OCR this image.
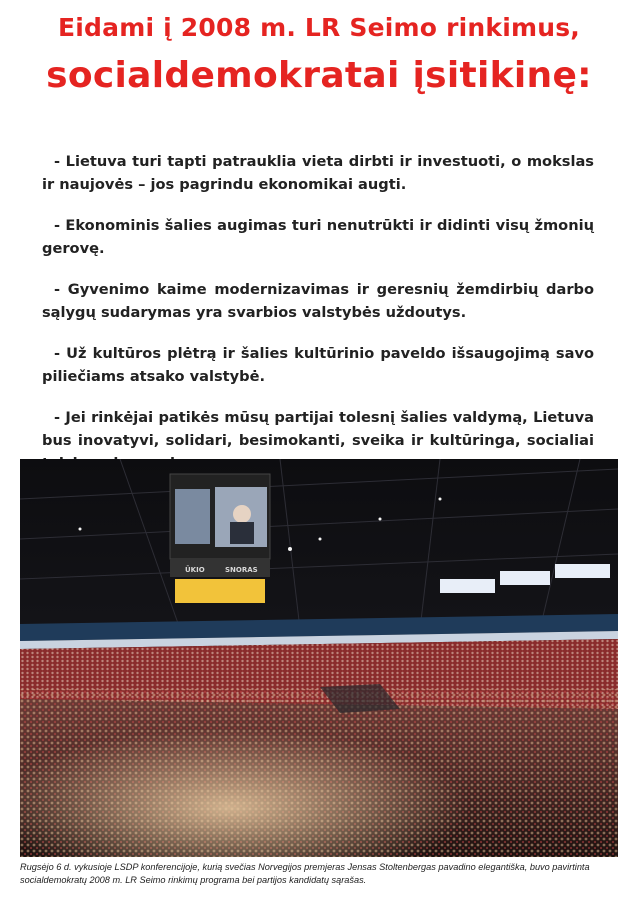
Eidami į 2008 m. LR Seimo rinkimus,
socialdemokratai įsitikinę:

- Lietuva turi tapti patrauklia vieta dirbti ir investuoti, o mokslas ir naujovės – jos pagrindu ekonomikai augti.

- Ekonominis šalies augimas turi nenutrūkti ir didinti visų žmonių gerovę.

- Gyvenimo kaime modernizavimas ir geresnių žemdirbių darbo sąlygų sudarymas yra svarbios valstybės uždoutys.

- Už kultūros plėtrą ir šalies kultūrinio paveldo išsaugojimą savo piliečiams atsako valstybė.

- Jei rinkėjai patikės mūsų partijai tolesnį šalies valdymą, Lietuva bus inovatyvi, solidari, besimokanti, sveika ir kultūringa, socialiai

ŪKIO	SNORAS
Rugsėjo 6 d. vykusioje LSDP konferencijoje, kurią svečias Norvegijos premjeras Jensas Stoltenbergas pavadino elegantiška, buvo pavirtinta socialdemokratų 2008 m. LR Seimo rinkimų programa bei partijos kandidatų sąrašas.
